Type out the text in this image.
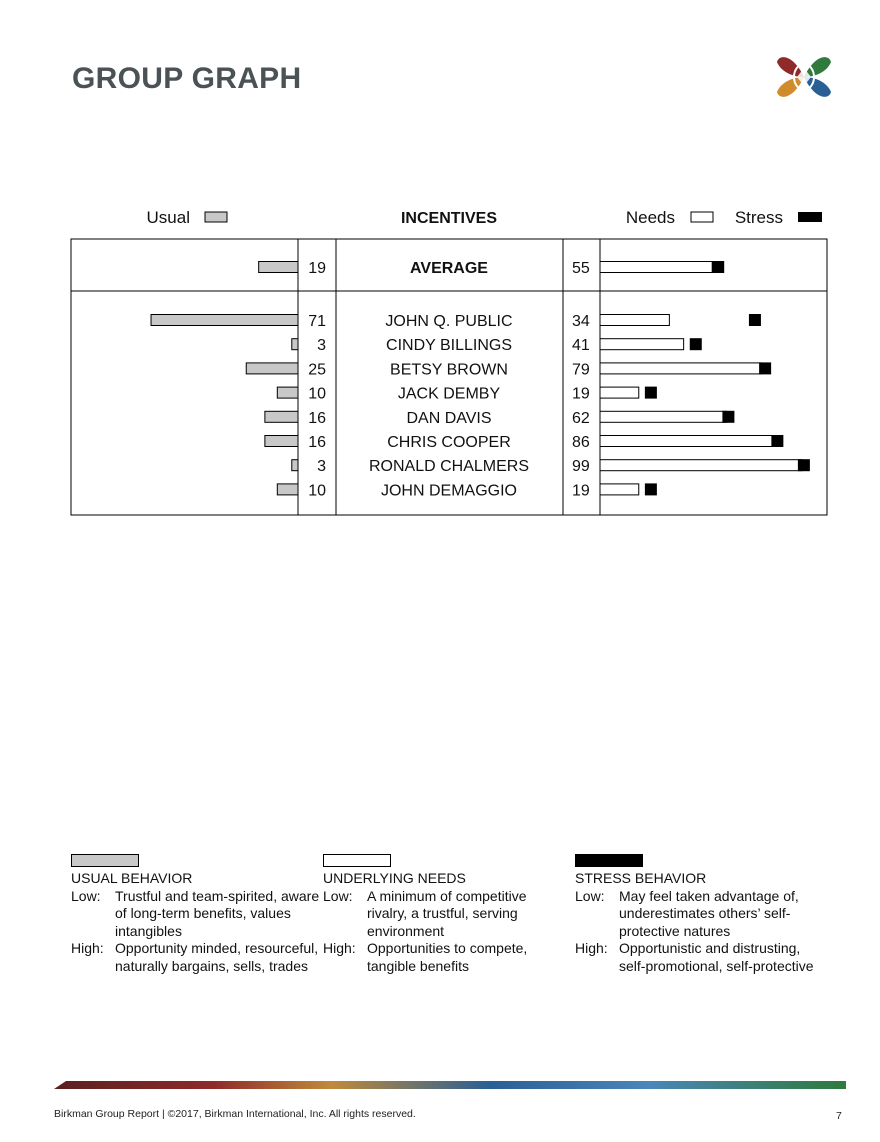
GROUP GRAPH
Usual	INCENTIVES	Needs	Stress
19	AVERAGE	55
71	JOHN Q. PUBLIC	34
3	CINDY BILLINGS	41
25	BETSY BROWN	79
10	JACK DEMBY	19
16	DAN DAVIS	62
16	CHRIS COOPER	86
3	RONALD CHALMERS	99
10	JOHN DEMAGGIO	19
USUAL BEHAVIOR
Low:	Trustful and team-spirited, aware of long-term benefits, values intangibles
High: Opportunity minded, resourceful, naturally bargains, sells, trades
UNDERLYING NEEDS
Low:	A minimum of competitive rivalry, a trustful, serving environment
High: Opportunities to compete, tangible benefits
STRESS BEHAVIOR
Low:	May feel taken advantage of, underestimates others’ self-protective natures
High: Opportunistic and distrusting, self-promotional, self-protective
Birkman Group Report | ©2017, Birkman International, Inc. All rights reserved.	7
